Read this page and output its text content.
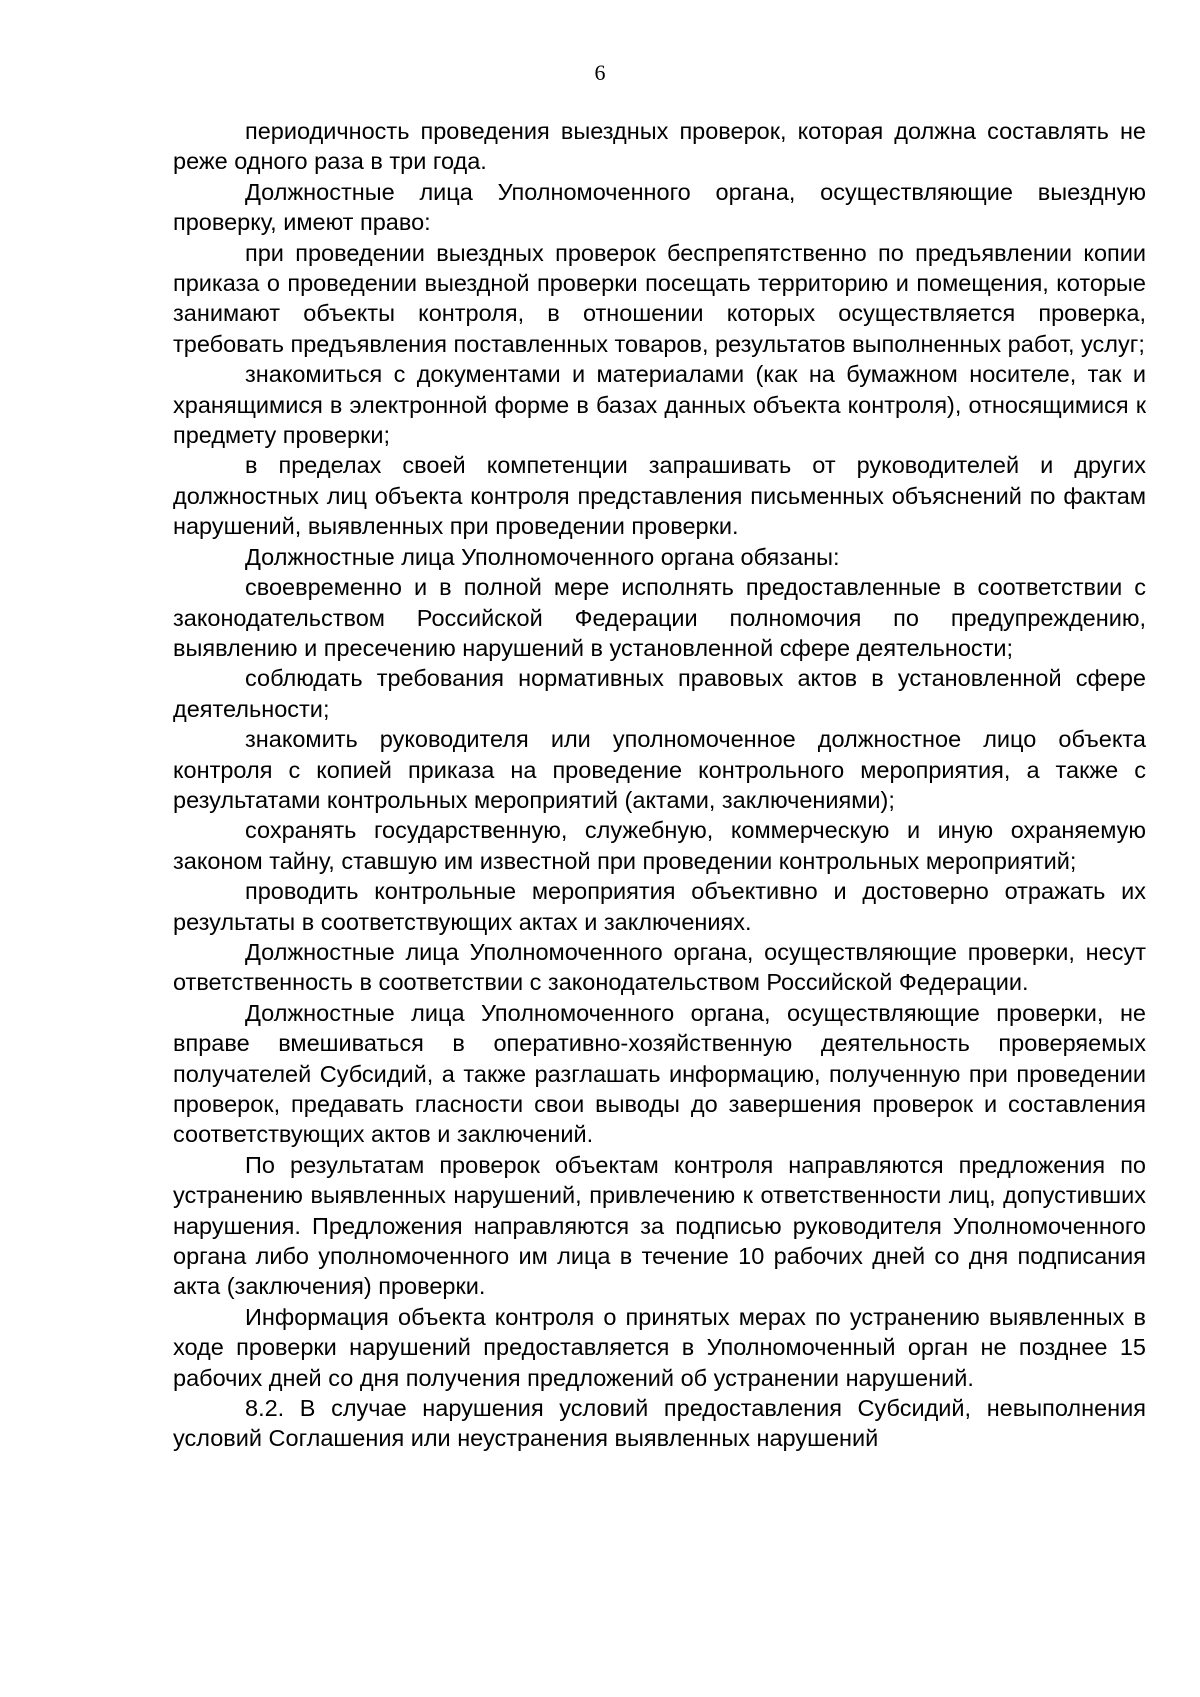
6

периодичность проведения выездных проверок, которая должна составлять не реже одного раза в три года.

Должностные лица Уполномоченного органа, осуществляющие выездную проверку, имеют право:

при проведении выездных проверок беспрепятственно по предъявлении копии приказа о проведении выездной проверки посещать территорию и помещения, которые занимают объекты контроля, в отношении которых осуществляется проверка, требовать предъявления поставленных товаров, результатов выполненных работ, услуг;

знакомиться с документами и материалами (как на бумажном носителе, так и хранящимися в электронной форме в базах данных объекта контроля), относящимися к предмету проверки;

в пределах своей компетенции запрашивать от руководителей и других должностных лиц объекта контроля представления письменных объяснений по фактам нарушений, выявленных при проведении проверки.

Должностные лица Уполномоченного органа обязаны:

своевременно и в полной мере исполнять предоставленные в соответствии с законодательством Российской Федерации полномочия по предупреждению, выявлению и пресечению нарушений в установленной сфере деятельности;

соблюдать требования нормативных правовых актов в установленной сфере деятельности;

знакомить руководителя или уполномоченное должностное лицо объекта контроля с копией приказа на проведение контрольного мероприятия, а также с результатами контрольных мероприятий (актами, заключениями);

сохранять государственную, служебную, коммерческую и иную охраняемую законом тайну, ставшую им известной при проведении контрольных мероприятий;

проводить контрольные мероприятия объективно и достоверно отражать их результаты в соответствующих актах и заключениях.

Должностные лица Уполномоченного органа, осуществляющие проверки, несут ответственность в соответствии с законодательством Российской Федерации.

Должностные лица Уполномоченного органа, осуществляющие проверки, не вправе вмешиваться в оперативно-хозяйственную деятельность проверяемых получателей Субсидий, а также разглашать информацию, полученную при проведении проверок, предавать гласности свои выводы до завершения проверок и составления соответствующих актов и заключений.

По результатам проверок объектам контроля направляются предложения по устранению выявленных нарушений, привлечению к ответственности лиц, допустивших нарушения. Предложения направляются за подписью руководителя Уполномоченного органа либо уполномоченного им лица в течение 10 рабочих дней со дня подписания акта (заключения) проверки.

Информация объекта контроля о принятых мерах по устранению выявленных в ходе проверки нарушений предоставляется в Уполномоченный орган не позднее 15 рабочих дней со дня получения предложений об устранении нарушений.

8.2. В случае нарушения условий предоставления Субсидий, невыполнения условий Соглашения или неустранения выявленных нарушений
